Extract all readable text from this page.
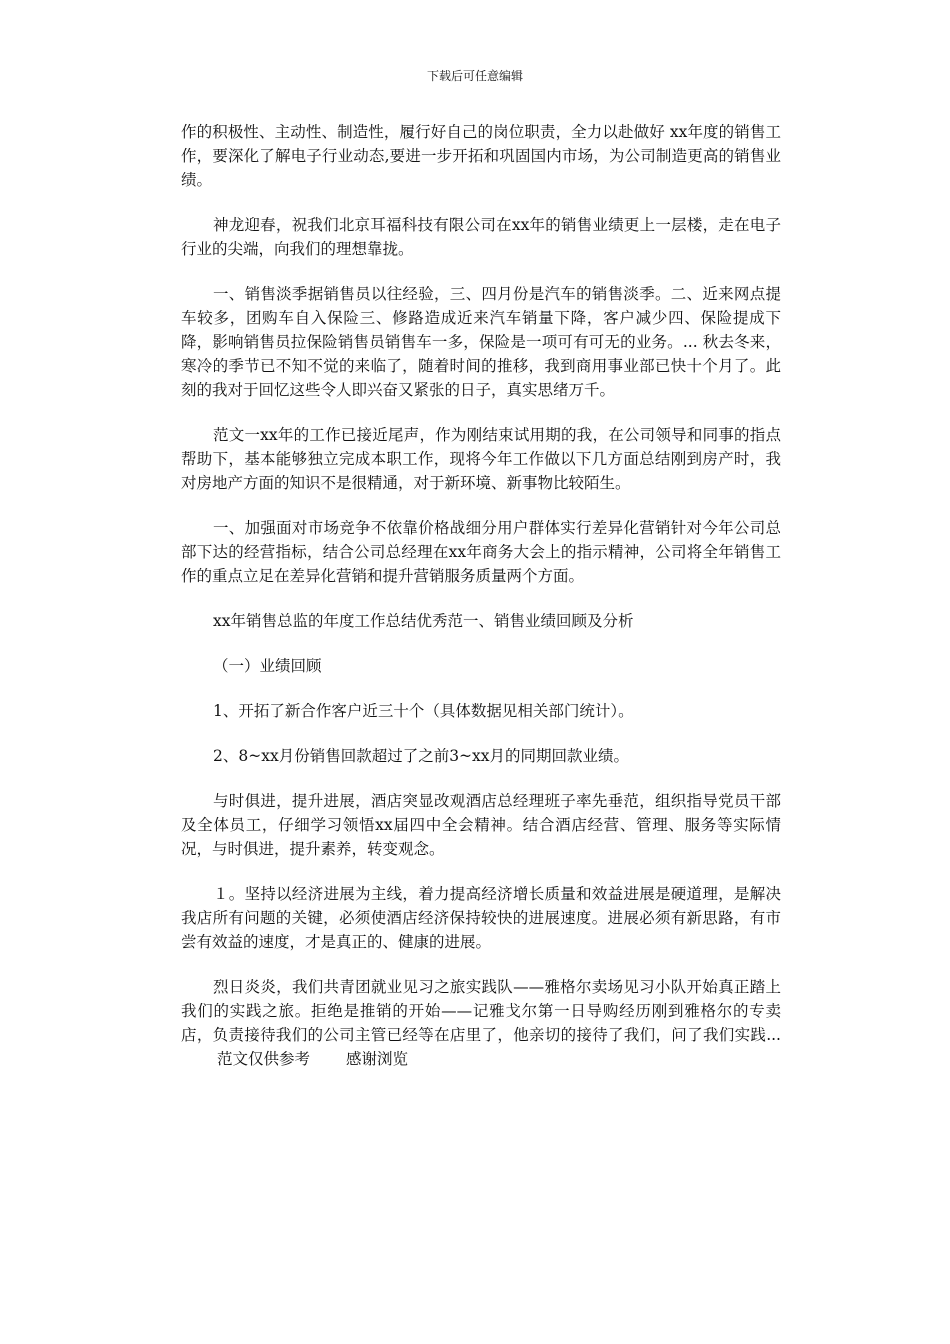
下载后可任意编辑

作的积极性、主动性、制造性，履行好自己的岗位职责，全力以赴做好 xx年度的销售工作，要深化了解电子行业动态,要进一步开拓和巩固国内市场，为公司制造更高的销售业绩。

神龙迎春，祝我们北京耳福科技有限公司在xx年的销售业绩更上一层楼，走在电子行业的尖端，向我们的理想靠拢。

一、销售淡季据销售员以往经验，三、四月份是汽车的销售淡季。二、近来网点提车较多，团购车自入保险三、修路造成近来汽车销量下降，客户减少四、保险提成下降，影响销售员拉保险销售员销售车一多，保险是一项可有可无的业务。... 秋去冬来，寒冷的季节已不知不觉的来临了，随着时间的推移，我到商用事业部已快十个月了。此刻的我对于回忆这些令人即兴奋又紧张的日子，真实思绪万千。

范文一xx年的工作已接近尾声，作为刚结束试用期的我，在公司领导和同事的指点帮助下，基本能够独立完成本职工作，现将今年工作做以下几方面总结刚到房产时，我对房地产方面的知识不是很精通，对于新环境、新事物比较陌生。

一、加强面对市场竞争不依靠价格战细分用户群体实行差异化营销针对今年公司总部下达的经营指标，结合公司总经理在xx年商务大会上的指示精神，公司将全年销售工作的重点立足在差异化营销和提升营销服务质量两个方面。

xx年销售总监的年度工作总结优秀范一、销售业绩回顾及分析

（一）业绩回顾

1、开拓了新合作客户近三十个（具体数据见相关部门统计）。

2、8~xx月份销售回款超过了之前3~xx月的同期回款业绩。

与时俱进，提升进展，酒店突显改观酒店总经理班子率先垂范，组织指导党员干部及全体员工，仔细学习领悟xx届四中全会精神。结合酒店经营、管理、服务等实际情况，与时俱进，提升素养，转变观念。

１。坚持以经济进展为主线，着力提高经济增长质量和效益进展是硬道理，是解决我店所有问题的关键，必须使酒店经济保持较快的进展速度。进展必须有新思路，有市尝有效益的速度，才是真正的、健康的进展。

烈日炎炎，我们共青团就业见习之旅实践队——雅格尔卖场见习小队开始真正踏上我们的实践之旅。拒绝是推销的开始——记雅戈尔第一日导购经历刚到雅格尔的专卖店，负责接待我们的公司主管已经等在店里了，他亲切的接待了我们，问了我们实践...范文仅供参考 感谢浏览
